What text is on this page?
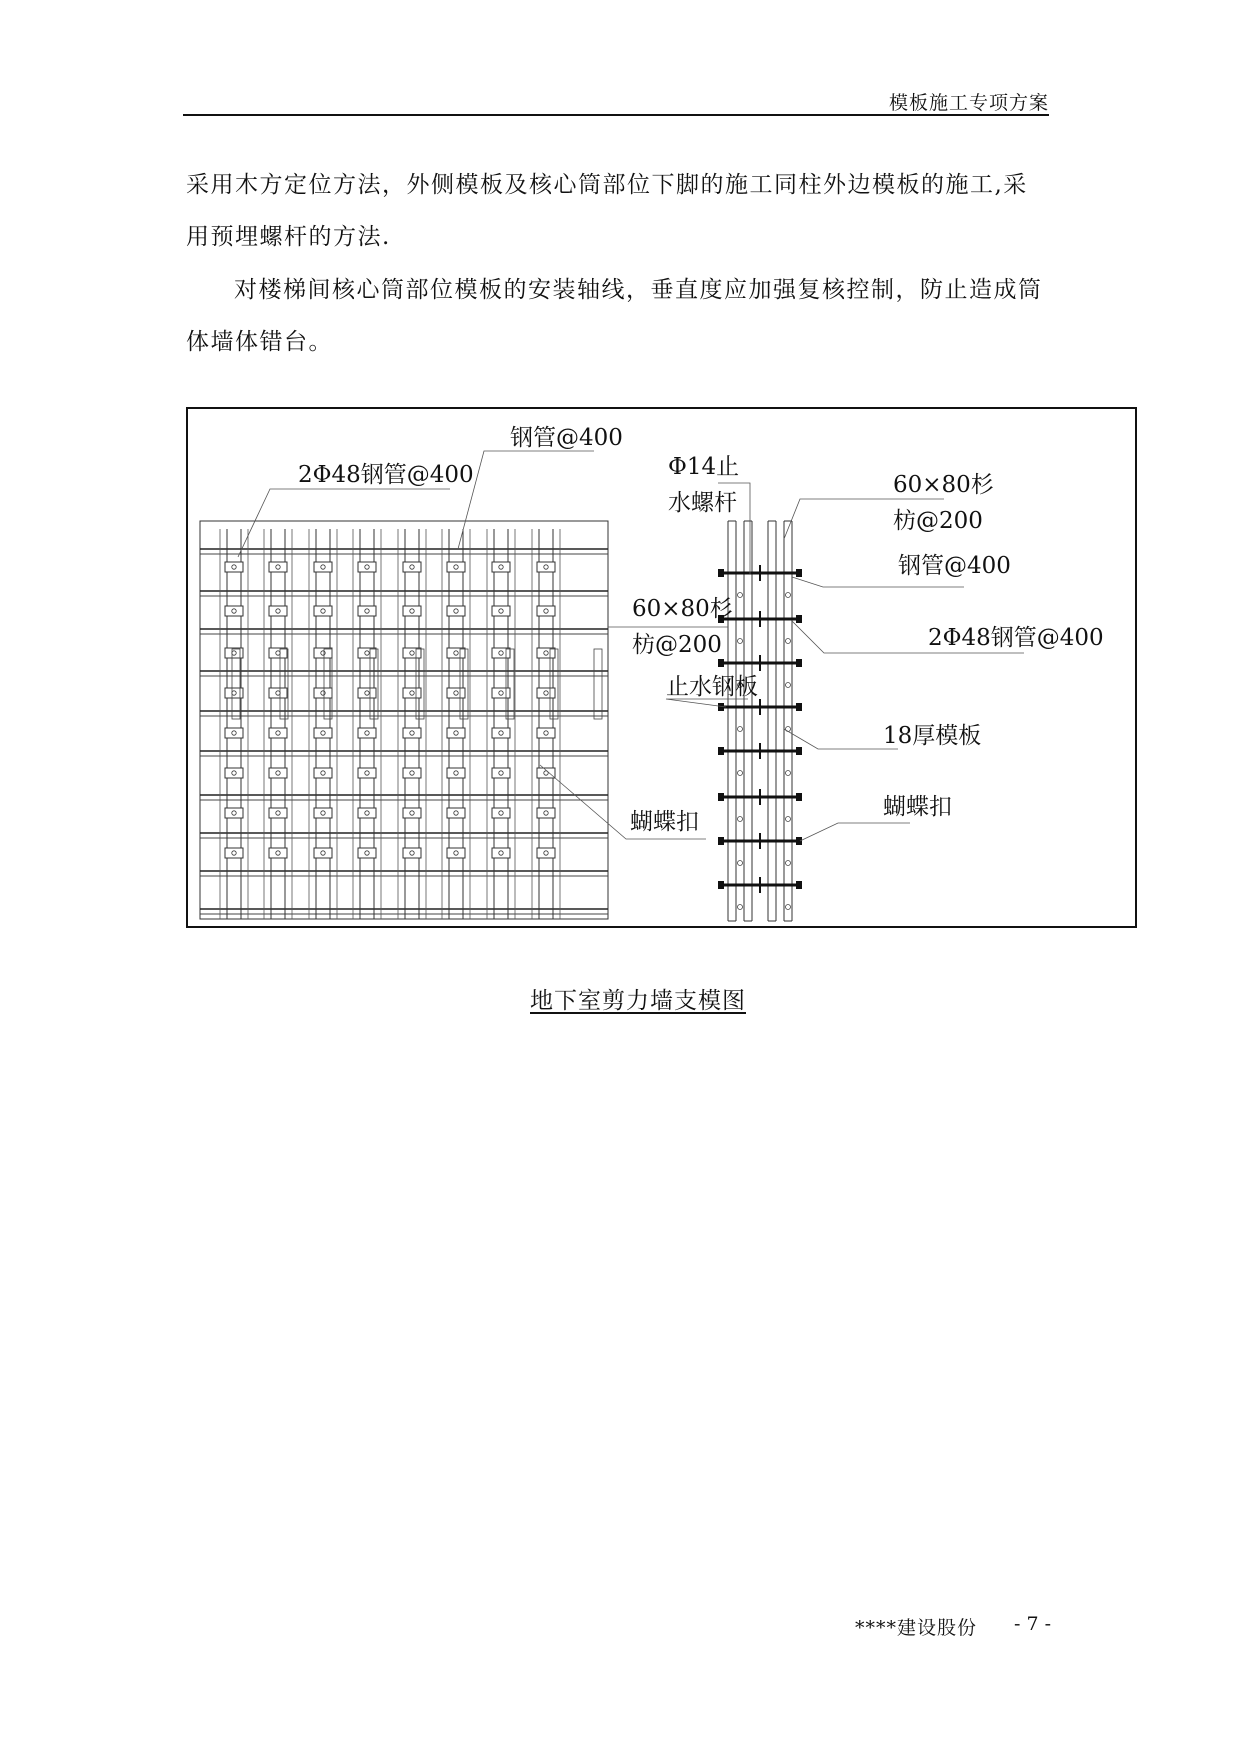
模板施工专项方案

采用木方定位方法，外侧模板及核心筒部位下脚的施工同柱外边模板的施工,采用预埋螺杆的方法.

对楼梯间核心筒部位模板的安装轴线，垂直度应加强复核控制，防止造成筒体墙体错台。

2Φ48钢管@400
钢管@400
60×80杉
枋@200
蝴蝶扣
Φ14止
水螺杆
止水钢板
60×80杉
枋@200
钢管@400
2Φ48钢管@400
18厚模板
蝴蝶扣
地下室剪力墙支模图
****建设股份 - 7 -
